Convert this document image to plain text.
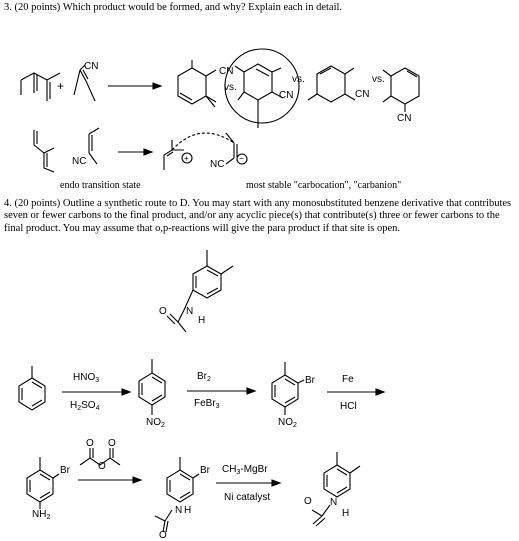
3. (20 points) Which product would be formed, and why? Explain each in detail.
+
CN	CN
vs.
CN
vs.
CN
vs.
CN
NC	NC
+	−
endo transition state	most stable "carbocation", "carbanion"
4. (20 points) Outline a synthetic route to D. You may start with any monosubstituted benzene derivative that contributes seven or fewer carbons to the final product, and/or any acyclic piece(s) that contribute(s) three or fewer carbons to the final product. You may assume that o,p-reactions will give the para product if that site is open.
O N
H
$HNO_3$
$H_2SO_4$
$NO_2$
$Br_2$
FeBr$_3$
Br
$NO_2$
Fe
HCl
Br
$NH_2$
O
O
O
Br
N H
O
$CH_3$-MgBr
Ni catalyst	O N
H
